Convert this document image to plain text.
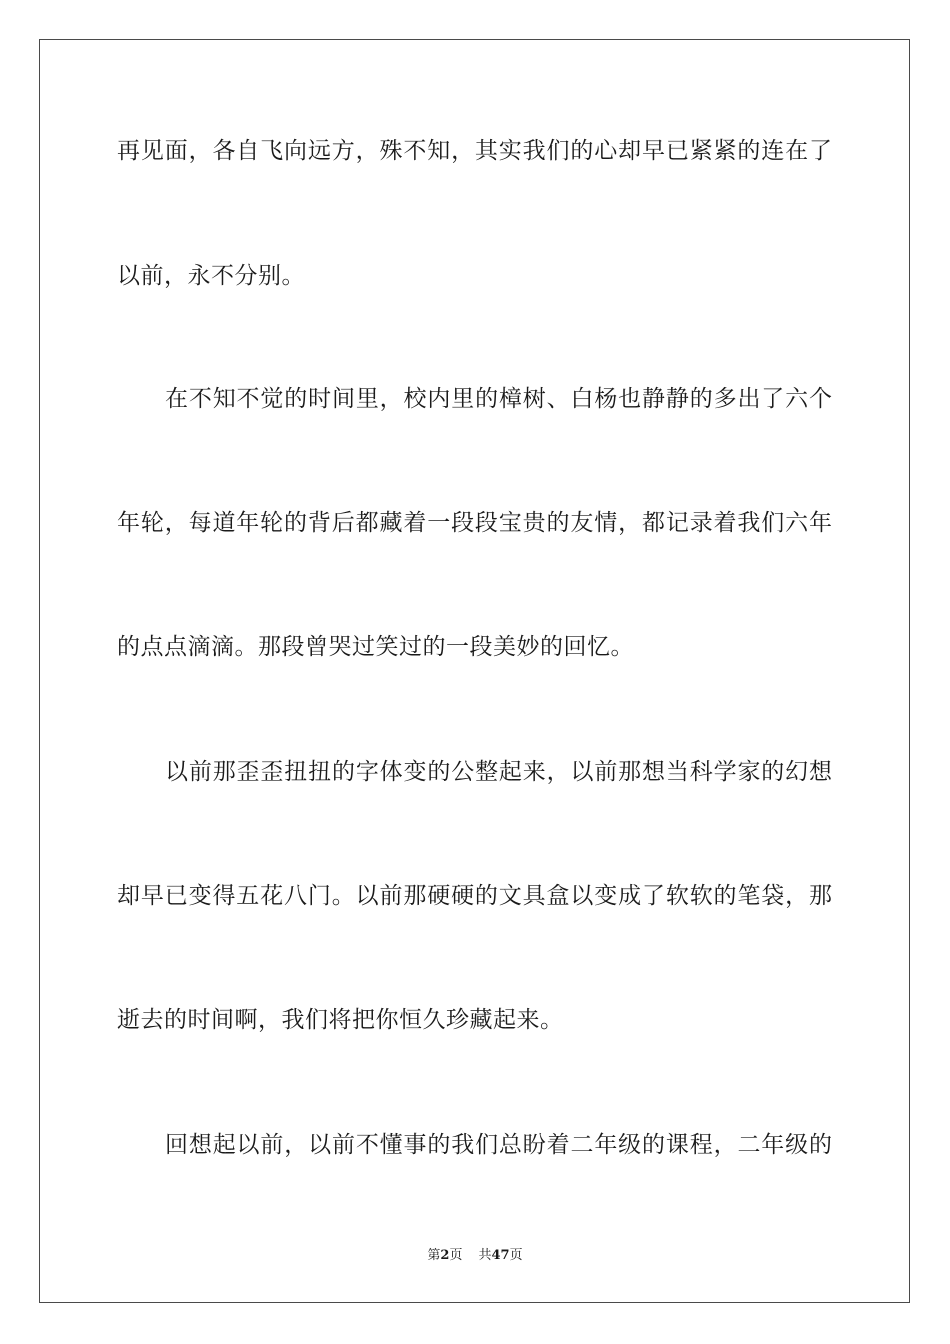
再见面，各自飞向远方，殊不知，其实我们的心却早已紧紧的连在了
以前，永不分别。
在不知不觉的时间里，校内里的樟树、白杨也静静的多出了六个
年轮，每道年轮的背后都藏着一段段宝贵的友情，都记录着我们六年
的点点滴滴。那段曾哭过笑过的一段美妙的回忆。
以前那歪歪扭扭的字体变的公整起来，以前那想当科学家的幻想
却早已变得五花八门。以前那硬硬的文具盒以变成了软软的笔袋，那
逝去的时间啊，我们将把你恒久珍藏起来。
回想起以前，以前不懂事的我们总盼着二年级的课程，二年级的
第2页 共47页
